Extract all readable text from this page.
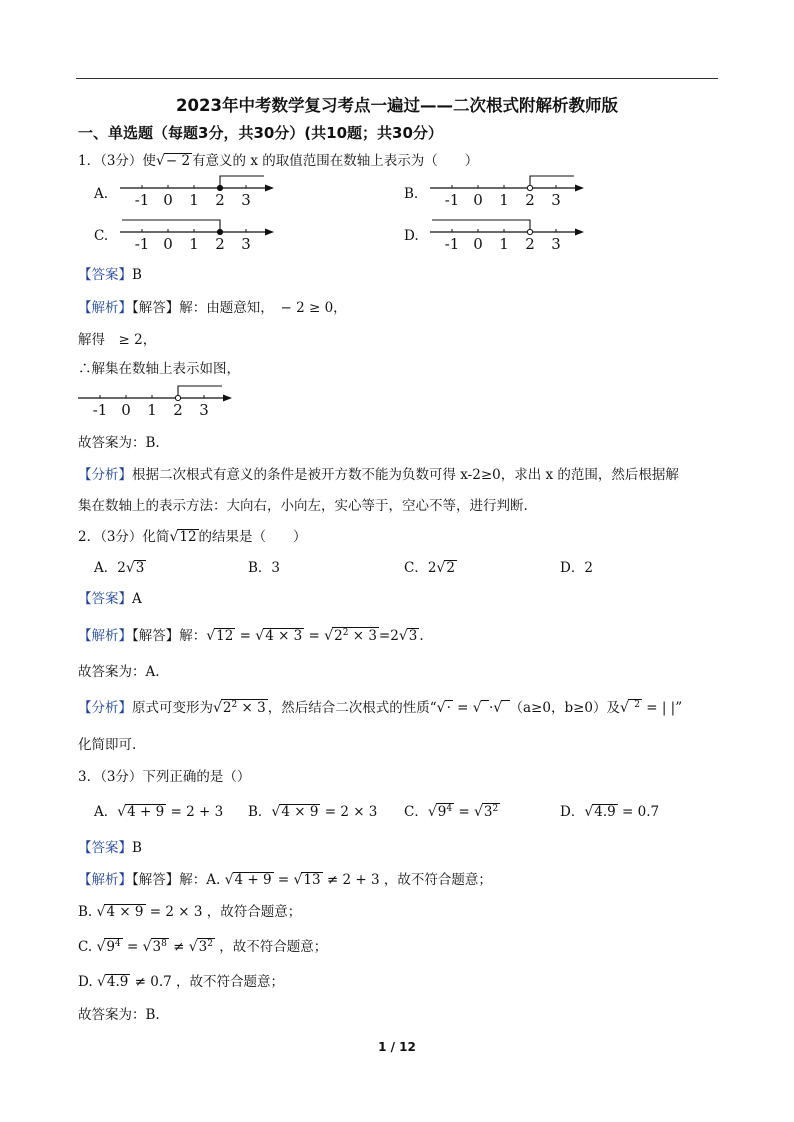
2023年中考数学复习考点一遍过——二次根式附解析教师版
一、单选题（每题3分，共30分）(共10题；共30分）
1．（3分）使√− 2 有意义的 x 的取值范围在数轴上表示为（　　）
A. -1 0 1 2 3	B. -1 0 1 2 3
C. -1 0 1 2 3	D. -1 0 1 2 3
【答案】B
【解析】【解答】解：由题意知，　− 2 ≥ 0，
解得　≥ 2，
∴解集在数轴上表示如图，
-1 0 1 2 3
故答案为：B.
【分析】根据二次根式有意义的条件是被开方数不能为负数可得 x-2≥0，求出 x 的范围，然后根据解
集在数轴上的表示方法：大向右，小向左，实心等于，空心不等，进行判断.
2．（3分）化简√12 的结果是（　　）
A．2√3	B．3	C．2√2	D．2
【答案】A
【解析】【解答】解：$√12 = √4 \times 3 = √2^2 \times 3 =2√3$ .
故答案为：A.
【分析】原式可变形为$√2^2 \times 3$ ，然后结合二次根式的性质“√· = √ ·√ （a≥0，b≥0）及√ $^2$ = | |”
化简即可.
3．（3分）下列正确的是（）
A．√4 + 9 = 2 + 3 B．√4 × 9 = 2 × 3 C．$√9^4 = √3^2$	D．√4.9 = 0.7
【答案】B
【解析】【解答】解：A. √4 + 9 = √13 ≠ 2 + 3 ，故不符合题意；
B. √4 × 9 = 2 × 3 ，故符合题意；
C. $√9^4 = √3^8 \ne √3^2$ ，故不符合题意；
D. √4.9 ≠ 0.7 ，故不符合题意；
故答案为：B.
1 / 12
